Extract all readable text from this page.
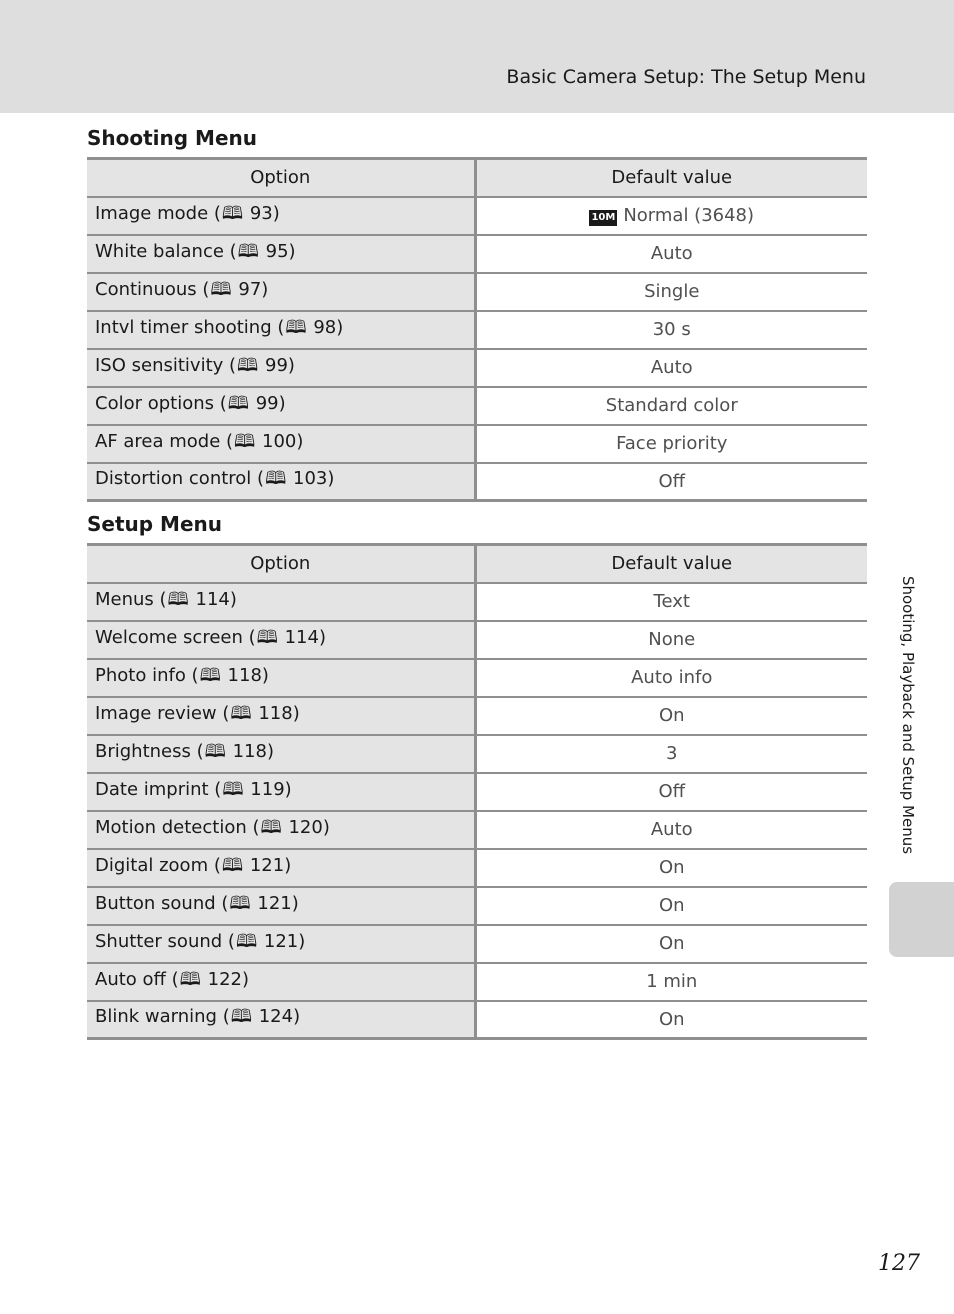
Basic Camera Setup: The Setup Menu
Shooting Menu
Option	Default value
Image mode (🕮 93)	10M Normal (3648)
White balance (🕮 95)	Auto
Continuous (🕮 97)	Single
Intvl timer shooting (🕮 98)	30 s
ISO sensitivity (🕮 99)	Auto
Color options (🕮 99)	Standard color
AF area mode (🕮 100)	Face priority
Distortion control (🕮 103)	Off
Setup Menu
Option	Default value
Menus (🕮 114)	Text
Welcome screen (🕮 114)	None
Photo info (🕮 118)	Auto info
Image review (🕮 118)	On
Brightness (🕮 118)	3
Date imprint (🕮 119)	Off
Motion detection (🕮 120)	Auto
Digital zoom (🕮 121)	On
Button sound (🕮 121)	On
Shutter sound (🕮 121)	On
Auto off (🕮 122)	1 min
Blink warning (🕮 124)	On
Shooting, Playback and Setup Menus
127
